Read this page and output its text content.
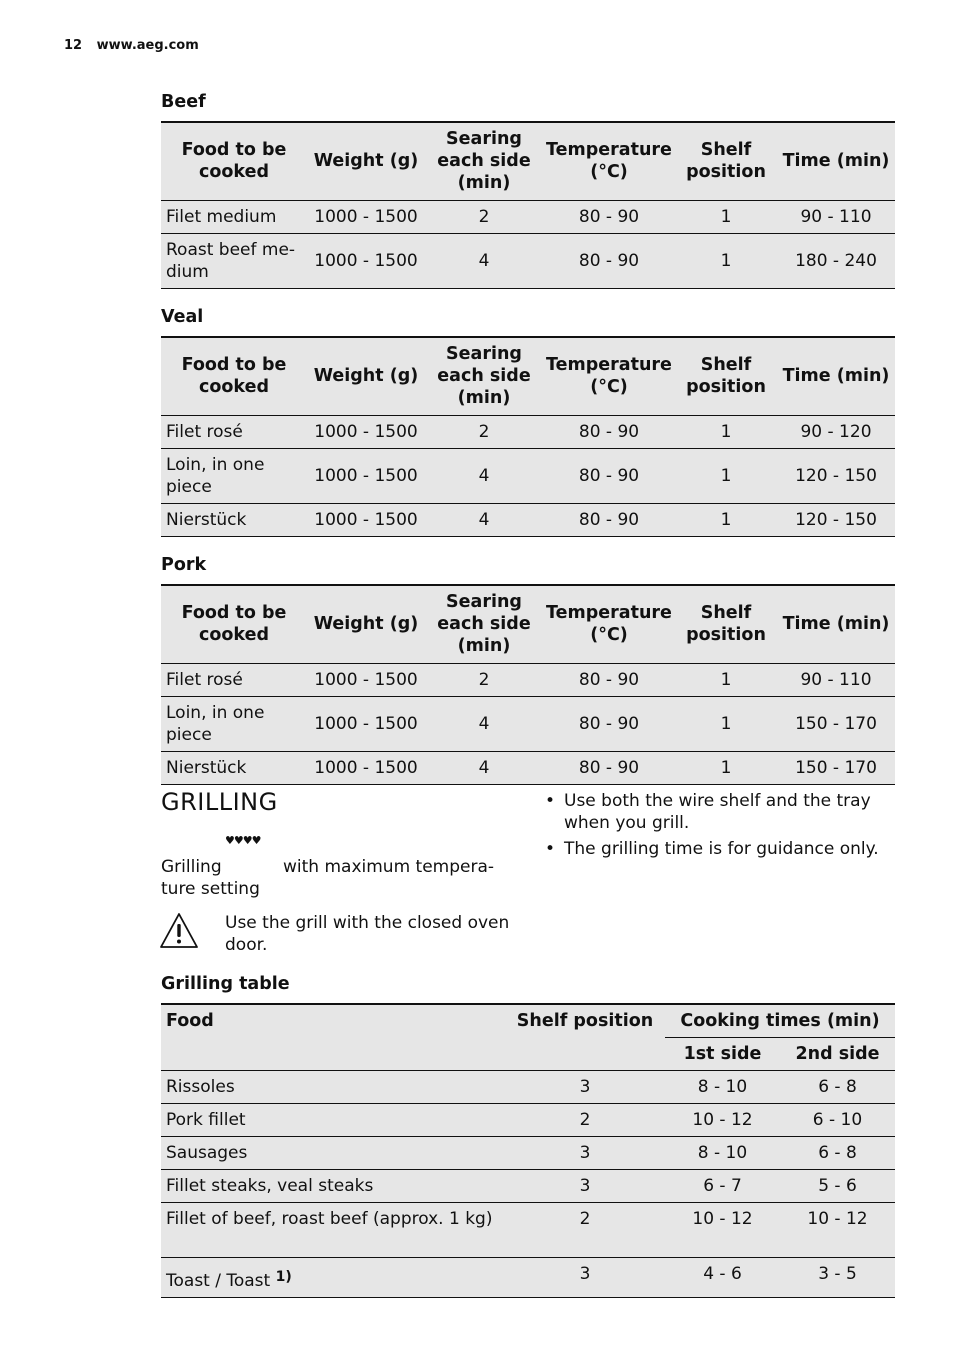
12 www.aeg.com
Beef
Food to be cooked	Weight (g)	Searing each side (min)	Temperature (°C)	Shelf position	Time (min)
Filet medium	1000 - 1500	2	80 - 90	1	90 - 110
Roast beef me-dium	1000 - 1500	4	80 - 90	1	180 - 240
Veal
Food to be cooked	Weight (g)	Searing each side (min)	Temperature (°C)	Shelf position	Time (min)
Filet rosé	1000 - 1500	2	80 - 90	1	90 - 120
Loin, in one piece	1000 - 1500	4	80 - 90	1	120 - 150
Nierstück	1000 - 1500	4	80 - 90	1	120 - 150
Pork
Food to be cooked	Weight (g)	Searing each side (min)	Temperature (°C)	Shelf position	Time (min)
Filet rosé	1000 - 1500	2	80 - 90	1	90 - 110
Loin, in one piece	1000 - 1500	4	80 - 90	1	150 - 170
Nierstück	1000 - 1500	4	80 - 90	1	150 - 170
GRILLING
♥♥♥♥
Grilling	with maximum tempera-
ture setting
Use the grill with the closed oven door.
• Use both the wire shelf and the tray when you grill.
• The grilling time is for guidance only.
Grilling table
Food	Shelf position	Cooking times (min)	
		1st side	2nd side
Rissoles	3	8 - 10	6 - 8
Pork fillet	2	10 - 12	6 - 10
Sausages	3	8 - 10	6 - 8
Fillet steaks, veal steaks	3	6 - 7	5 - 6
Fillet of beef, roast beef (approx. 1 kg)	2	10 - 12	10 - 12
Toast / Toast $^{1)}$	3	4 - 6	3 - 5
